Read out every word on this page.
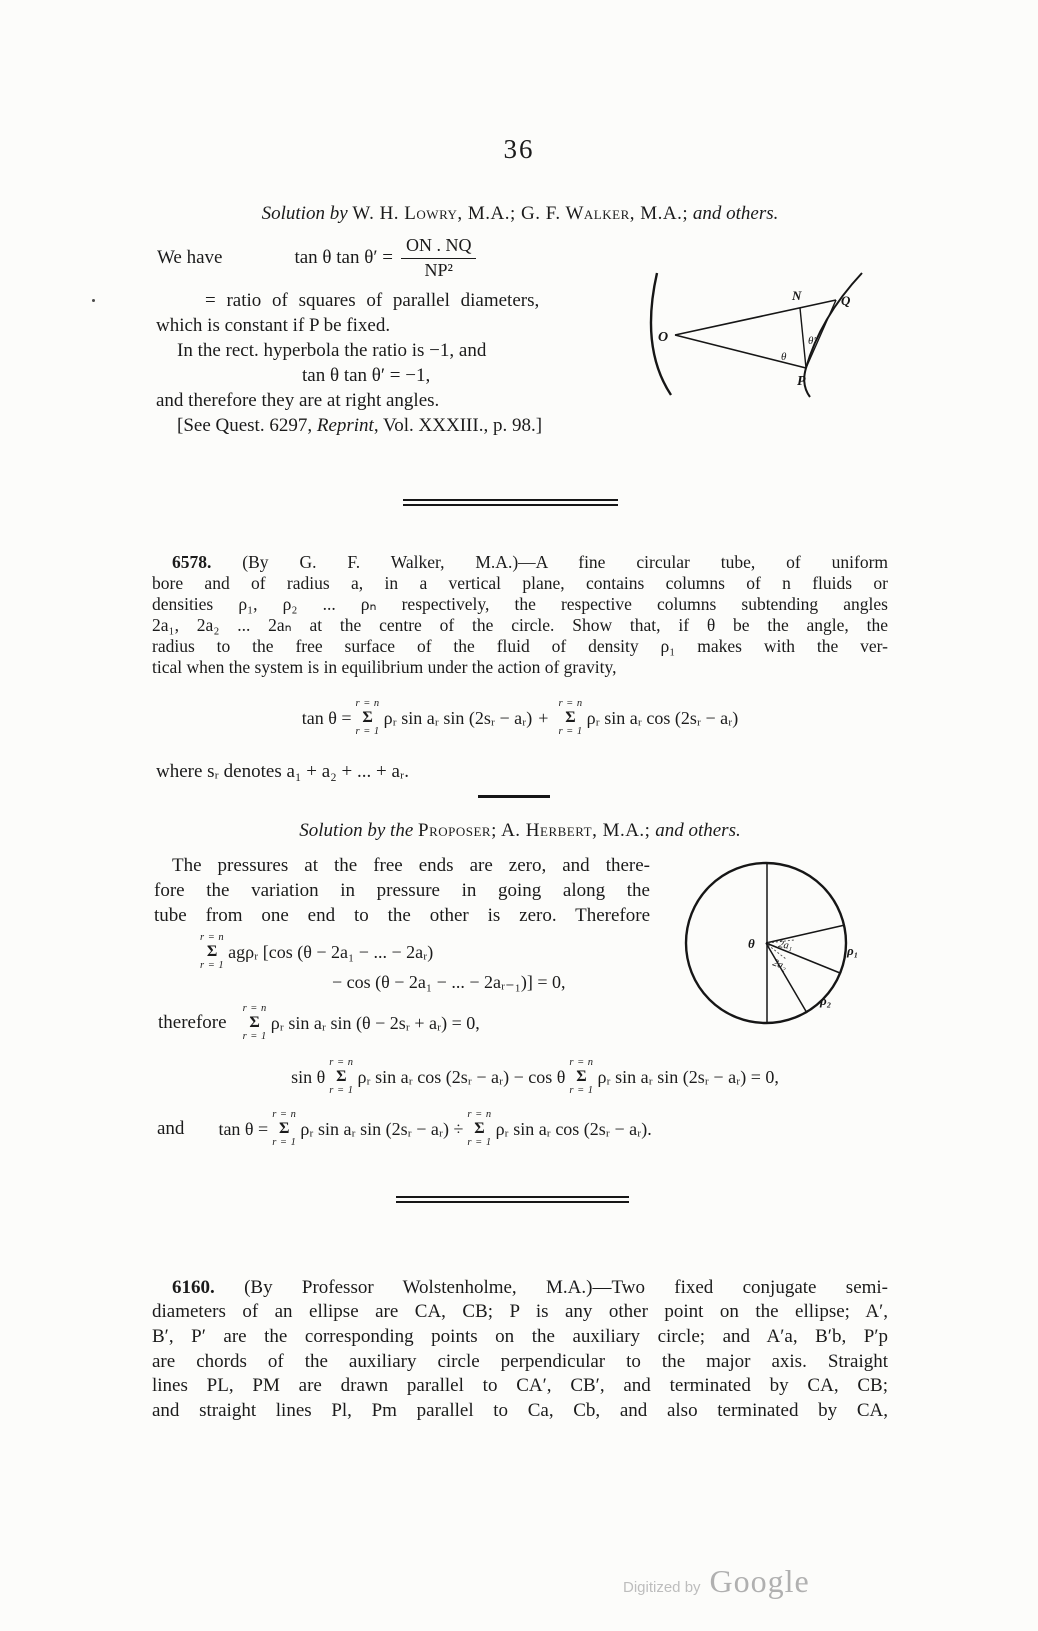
36
Solution by W. H. Lowry, M.A.; G. F. Walker, M.A.; and others.
We have	tan θ $\tan \theta' = \frac{ON . NQ}{\text{NP²}}$
O
N	Q
P
θ
θ′
= ratio of squares of parallel diameters,
which is constant if P be fixed.
In the rect. hyperbola the ratio is −1, and
tan θ tan θ′ = −1,
and therefore they are at right angles.
[See Quest. 6297, Reprint, Vol. XXXIII., p. 98.]
6578. (By G. F. Walker, M.A.)—A fine circular tube, of uniform
bore and of radius a, in a vertical plane, contains columns of n fluids or
densities ρ₁, ρ₂ ... ρₙ respectively, the respective columns subtending angles
2a₁, 2a₂ ... 2aₙ at the centre of the circle. Show that, if θ be the angle, the
radius to the free surface of the fluid of density ρ₁ makes with the ver-
tical when the system is in equilibrium under the action of gravity,
tan θ =
r = n
Σ
r = 1
ρᵣ sin aᵣ sin (2sᵣ − aᵣ) +
r = n
Σ
r = 1
ρᵣ sin aᵣ cos (2sᵣ − aᵣ)
where sᵣ denotes a₁ + a₂ + ... + aᵣ.
Solution by the Proposer; A. Herbert, M.A.; and others.
The pressures at the free ends are zero, and there-
fore the variation in pressure in going along the
tube from one end to the other is zero. Therefore
θ 2a₁
2a₂
ρ₁
ρ₂
r = n
Σ
r = 1
agρᵣ [cos (θ − 2a₁ − ... − 2aᵣ)
− cos (θ − 2a₁ − ... − 2aᵣ₋₁)] = 0,
therefore
r = n
Σ
r = 1
ρᵣ sin aᵣ sin (θ − 2sᵣ + aᵣ) = 0,
sin θ
r = n
Σ
r = 1
ρᵣ sin aᵣ cos (2sᵣ − aᵣ) − cos θ
r = n
Σ
r = 1
ρᵣ sin aᵣ sin (2sᵣ − aᵣ) = 0,
and tan θ =
r = n
Σ
r = 1
ρᵣ sin aᵣ sin (2sᵣ − aᵣ) ÷
r = n
Σ
r = 1
ρᵣ sin aᵣ cos (2sᵣ − aᵣ).
6160. (By Professor Wolstenholme, M.A.)—Two fixed conjugate semi-
diameters of an ellipse are CA, CB; P is any other point on the ellipse; A′,
B′, P′ are the corresponding points on the auxiliary circle; and A′a, B′b, P′p
are chords of the auxiliary circle perpendicular to the major axis. Straight
lines PL, PM are drawn parallel to CA′, CB′, and terminated by CA, CB;
and straight lines Pl, Pm parallel to Ca, Cb, and also terminated by CA,
Digitized by Google
